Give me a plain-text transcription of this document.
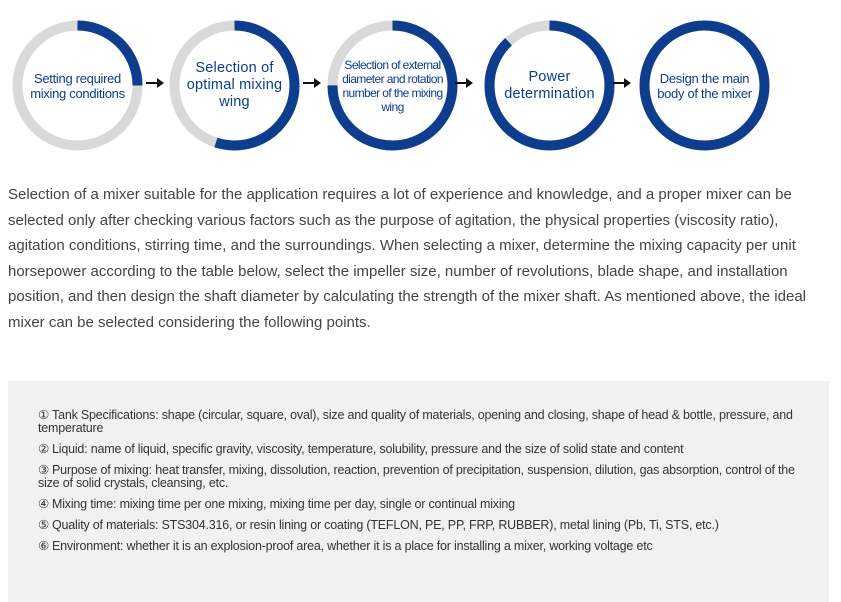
Setting required mixing conditions
Selection of optimal mixing wing
Selection of external diameter and rotation number of the mixing wing
Power determination
Design the main body of the mixer

Selection of a mixer suitable for the application requires a lot of experience and knowledge, and a proper mixer can be selected only after checking various factors such as the purpose of agitation, the physical properties (viscosity ratio), agitation conditions, stirring time, and the surroundings. When selecting a mixer, determine the mixing capacity per unit horsepower according to the table below, select the impeller size, number of revolutions, blade shape, and installation position, and then design the shaft diameter by calculating the strength of the mixer shaft. As mentioned above, the ideal mixer can be selected considering the following points.

① Tank Specifications: shape (circular, square, oval), size and quality of materials, opening and closing, shape of head & bottle, pressure, and temperature
② Liquid: name of liquid, specific gravity, viscosity, temperature, solubility, pressure and the size of solid state and content
③ Purpose of mixing: heat transfer, mixing, dissolution, reaction, prevention of precipitation, suspension, dilution, gas absorption, control of the size of solid crystals, cleansing, etc.
④ Mixing time: mixing time per one mixing, mixing time per day, single or continual mixing
⑤ Quality of materials: STS304.316, or resin lining or coating (TEFLON, PE, PP, FRP, RUBBER), metal lining (Pb, Ti, STS, etc.)
⑥ Environment: whether it is an explosion-proof area, whether it is a place for installing a mixer, working voltage etc
